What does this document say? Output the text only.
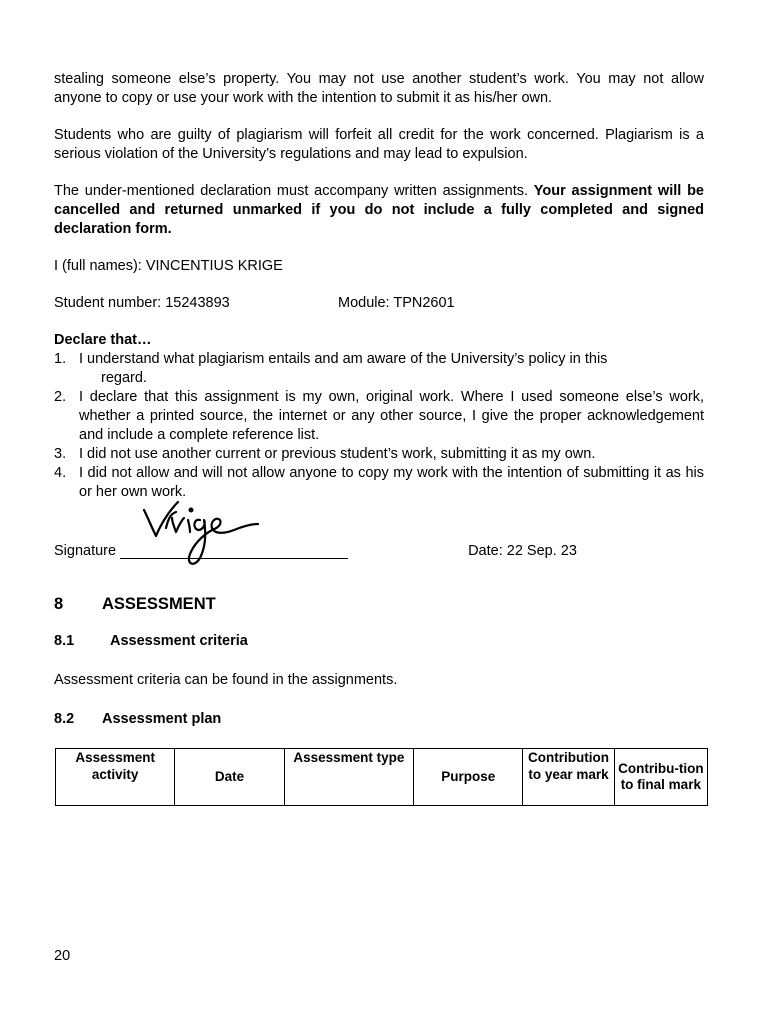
stealing someone else’s property. You may not use another student’s work. You may not allow anyone to copy or use your work with the intention to submit it as his/her own.

Students who are guilty of plagiarism will forfeit all credit for the work concerned. Plagiarism is a serious violation of the University’s regulations and may lead to expulsion.

The under-mentioned declaration must accompany written assignments. Your assignment will be cancelled and returned unmarked if you do not include a fully completed and signed declaration form.

I (full names): VINCENTIUS KRIGE

Student number: 15243893	Module: TPN2601

Declare that…

1. I understand what plagiarism entails and am aware of the University’s policy in this
regard.
2. I declare that this assignment is my own, original work. Where I used someone else’s work, whether a printed source, the internet or any other source, I give the proper acknowledgement and include a complete reference list.
3. I did not use another current or previous student’s work, submitting it as my own.
4. I did not allow and will not allow anyone to copy my work with the intention of submitting it as his or her own work.
Signature	Date: 22 Sep. 23
8	ASSESSMENT
8.1	Assessment criteria

Assessment criteria can be found in the assignments.

8.2	Assessment plan
Assessment activity	Date	Assessment type	Purpose	Contribution to year mark	Contribu-tion to final mark
20
